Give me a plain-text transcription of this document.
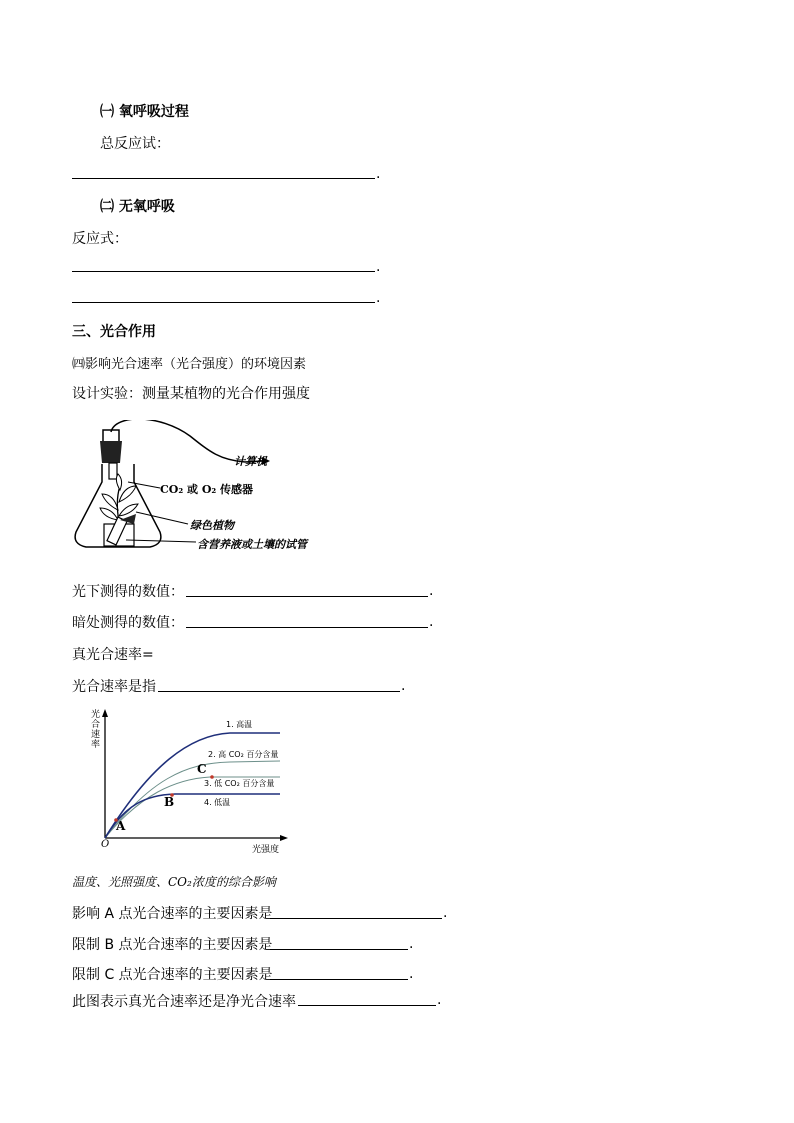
㈠ 氧呼吸过程
总反应试：
.
㈡ 无氧呼吸
反应式：
.
.
三、光合作用
㈣影响光合速率（光合强度）的环境因素
设计实验：测量某植物的光合作用强度
计算机
CO₂ 或 O₂ 传感器
绿色植物
含营养液或土壤的试管
光下测得的数值：	.
暗处测得的数值：	.
真光合速率=
光合速率是指	.
光合速率
光强度
O
1. 高温
2. 高 CO₂ 百分含量
3. 低 CO₂ 百分含量
4. 低温
A
B
C
温度、光照强度、CO₂浓度的综合影响
影响 A 点光合速率的主要因素是	.
限制 B 点光合速率的主要因素是	.
限制 C 点光合速率的主要因素是	.
此图表示真光合速率还是净光合速率	.
